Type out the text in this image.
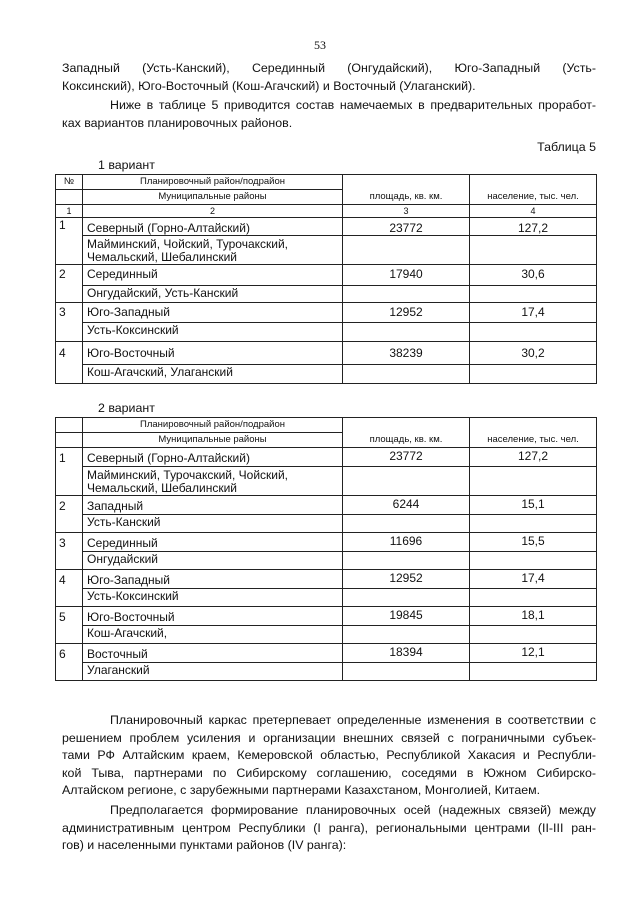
53

Западный (Усть-Канский), Серединный (Онгудайский), Юго-Западный (Усть-
Коксинский), Юго-Восточный (Кош-Агачский) и Восточный (Улаганский).

Ниже в таблице 5 приводится состав намечаемых в предварительных проработ-
ках вариантов планировочных районов.

Таблица 5
1 вариант
№	Планировочный район/подрайон	площадь, кв. км.	население, тыс. чел.
	Муниципальные районы		
1	2	3	4
1	Северный (Горно-Алтайский)	23772	127,2
	Майминский, Чойский, Турочакский, Чемальский, Шебалинский		
2	Серединный	17940	30,6
	Онгудайский, Усть-Канский		
3	Юго-Западный	12952	17,4
	Усть-Коксинский		
4	Юго-Восточный	38239	30,2
	Кош-Агачский, Улаганский		
2 вариант
	Планировочный район/подрайон	площадь, кв. км.	население, тыс. чел.
	Муниципальные районы		
1	Северный (Горно-Алтайский)	23772	127,2
	Майминский, Турочакский, Чойский, Чемальский, Шебалинский		
2	Западный	6244	15,1
	Усть-Канский		
3	Серединный	11696	15,5
	Онгудайский		
4	Юго-Западный	12952	17,4
	Усть-Коксинский		
5	Юго-Восточный	19845	18,1
	Кош-Агачский,		
6	Восточный	18394	12,1
	Улаганский		

Планировочный каркас претерпевает определенные изменения в соответствии с
решением проблем усиления и организации внешних связей с пограничными субъек-
тами РФ Алтайским краем, Кемеровской областью, Республикой Хакасия и Республи-
кой Тыва, партнерами по Сибирскому соглашению, соседями в Южном Сибирско-
Алтайском регионе, с зарубежными партнерами Казахстаном, Монголией, Китаем.

Предполагается формирование планировочных осей (надежных связей) между
административным центром Республики (I ранга), региональными центрами (II-III ран-
гов) и населенными пунктами районов (IV ранга):
